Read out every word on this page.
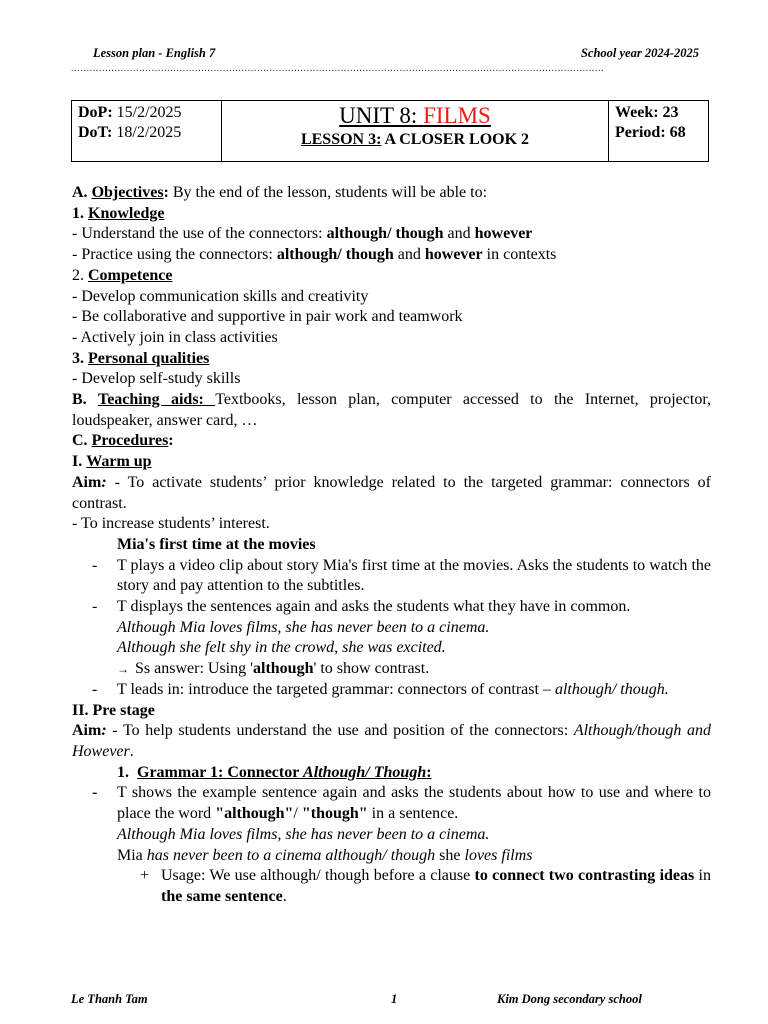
Lesson plan - English 7	School year 2024-2025
............................................................................................................................................................................
DoP: 15/2/2025
DoT: 18/2/2025

UNIT 8: FILMS
LESSON 3: A CLOSER LOOK 2

Week: 23
Period: 68

A. Objectives: By the end of the lesson, students will be able to:

1. Knowledge

- Understand the use of the connectors: although/ though and however

- Practice using the connectors: although/ though and however in contexts

2. Competence

- Develop communication skills and creativity

- Be collaborative and supportive in pair work and teamwork

- Actively join in class activities

3. Personal qualities

- Develop self-study skills

B. Teaching aids: Textbooks, lesson plan, computer accessed to the Internet, projector, loudspeaker, answer card, …

C. Procedures:

I. Warm up

Aim: - To activate students’ prior knowledge related to the targeted grammar: connectors of contrast.

- To increase students’ interest.

Mia's first time at the movies

- T plays a video clip about story Mia's first time at the movies. Asks the students to watch the story and pay attention to the subtitles.

- T displays the sentences again and asks the students what they have in common.

Although Mia loves films, she has never been to a cinema.

Although she felt shy in the crowd, she was excited.

→ Ss answer: Using 'although' to show contrast.

- T leads in: introduce the targeted grammar: connectors of contrast – although/ though.

II. Pre stage

Aim: - To help students understand the use and position of the connectors: Although/though and However.

1. Grammar 1: Connector Although/ Though:

- T shows the example sentence again and asks the students about how to use and where to place the word "although"/ "though" in a sentence.

Although Mia loves films, she has never been to a cinema.

Mia has never been to a cinema although/ though she loves films

+ Usage: We use although/ though before a clause to connect two contrasting ideas in the same sentence.

Le Thanh Tam	1	Kim Dong secondary school
